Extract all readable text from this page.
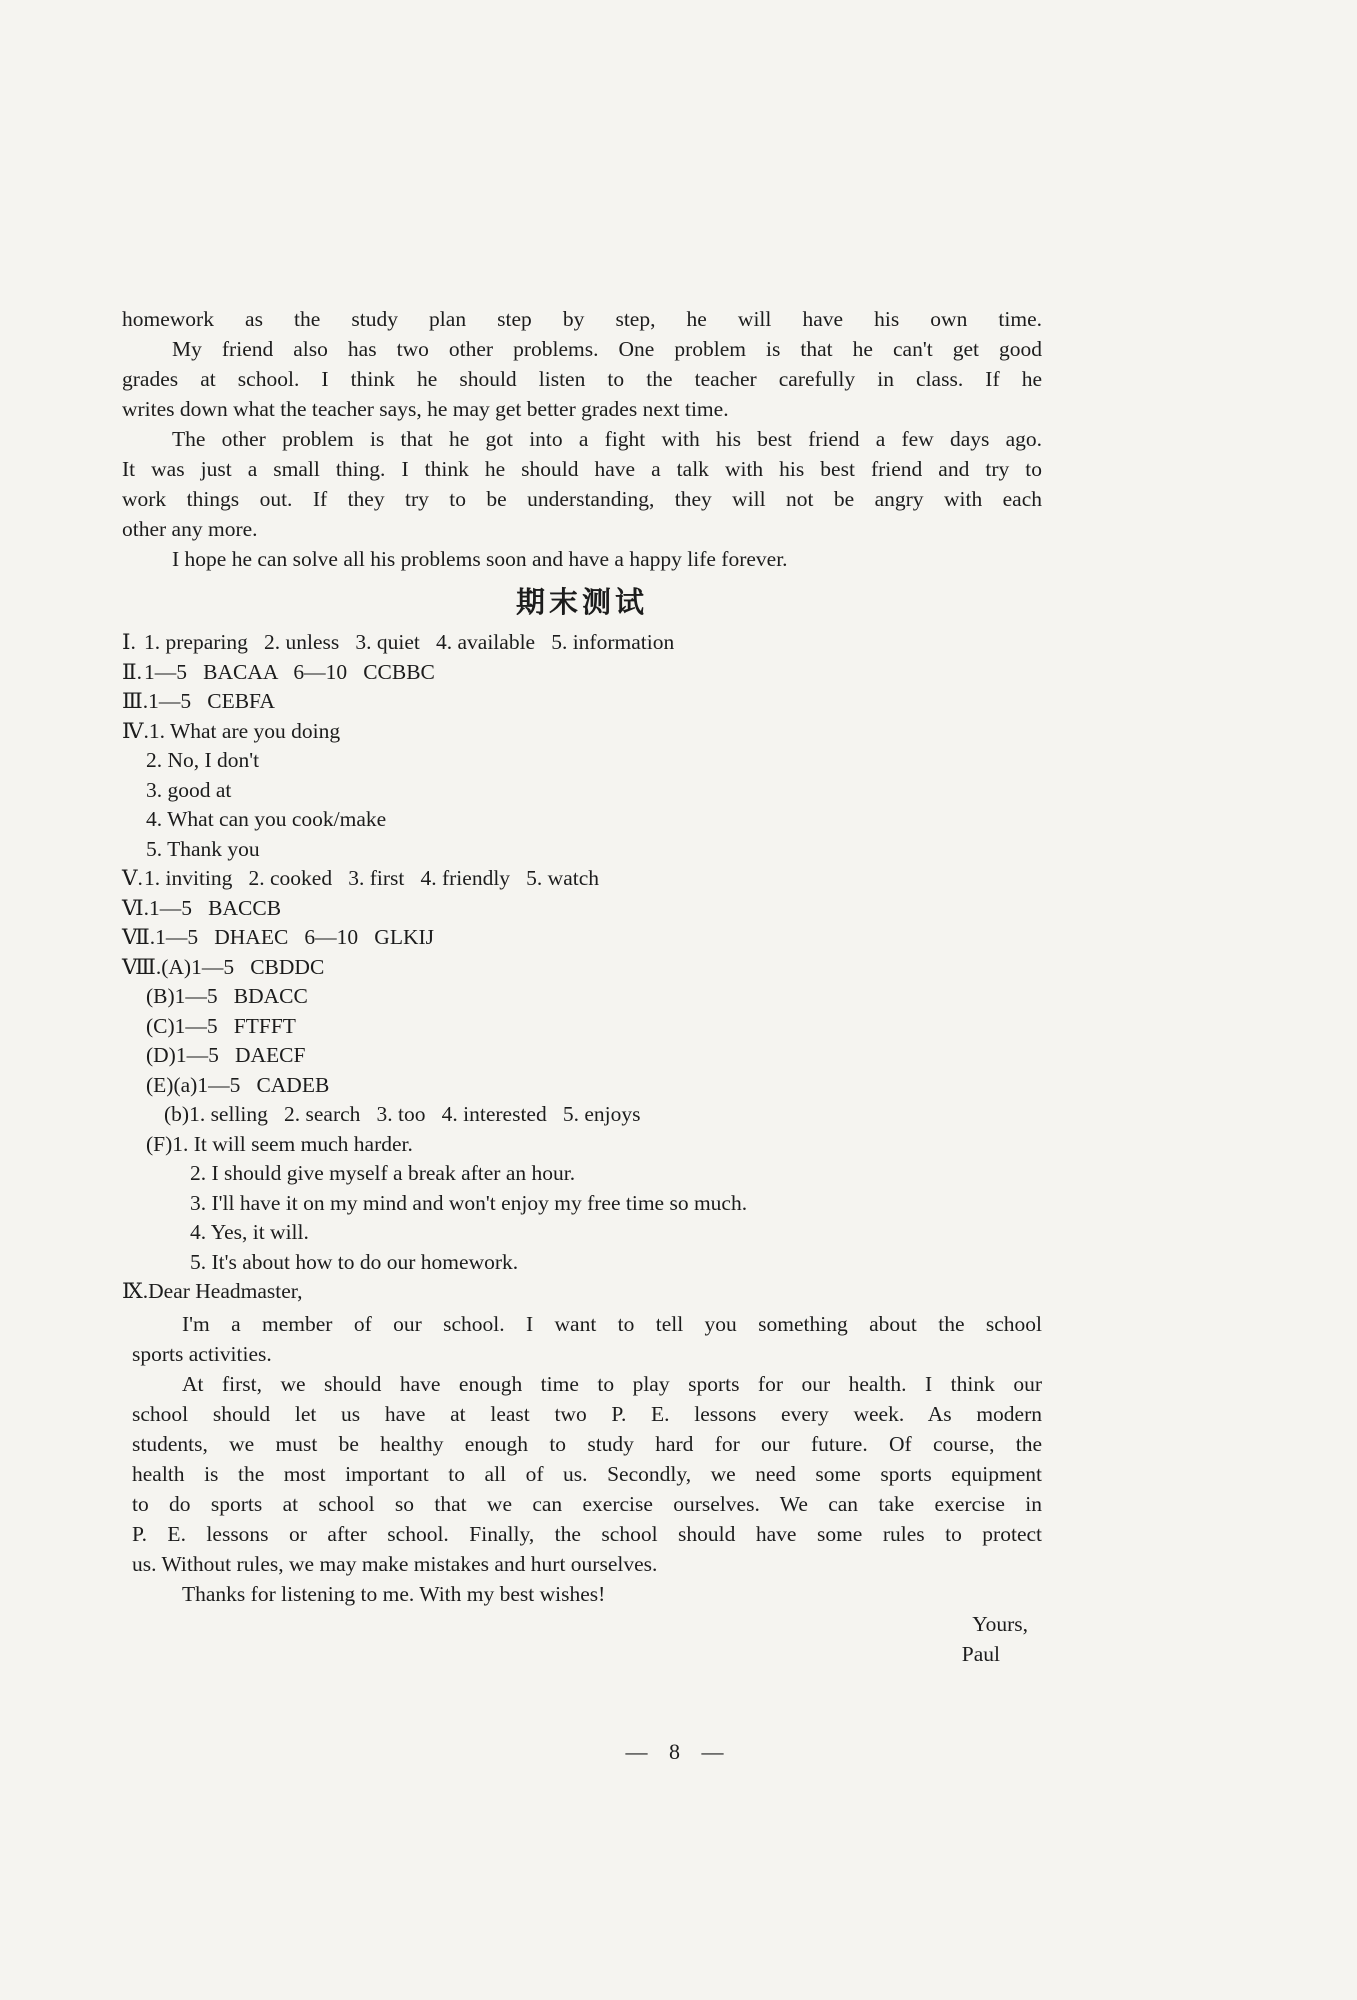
homework as the study plan step by step, he will have his own time.
My friend also has two other problems. One problem is that he can't get good
grades at school. I think he should listen to the teacher carefully in class. If he
writes down what the teacher says, he may get better grades next time.
The other problem is that he got into a fight with his best friend a few days ago.
It was just a small thing. I think he should have a talk with his best friend and try to
work things out. If they try to be understanding, they will not be angry with each
other any more.
I hope he can solve all his problems soon and have a happy life forever.
期末测试
Ⅰ. 1. preparing   2. unless   3. quiet   4. available   5. information
Ⅱ.1—5   BACAA   6—10   CCBBC
Ⅲ.1—5   CEBFA
Ⅳ.1. What are you doing
2. No, I don't
3. good at
4. What can you cook/make
5. Thank you
Ⅴ.1. inviting   2. cooked   3. first   4. friendly   5. watch
Ⅵ.1—5   BACCB
Ⅶ.1—5   DHAEC   6—10   GLKIJ
Ⅷ.(A)1—5   CBDDC
(B)1—5   BDACC
(C)1—5   FTFFT
(D)1—5   DAECF
(E)(a)1—5   CADEB
(b)1. selling   2. search   3. too   4. interested   5. enjoys
(F)1. It will seem much harder.
2. I should give myself a break after an hour.
3. I'll have it on my mind and won't enjoy my free time so much.
4. Yes, it will.
5. It's about how to do our homework.
Ⅸ.Dear Headmaster,
I'm a member of our school. I want to tell you something about the school
sports activities.
At first, we should have enough time to play sports for our health. I think our
school should let us have at least two P. E. lessons every week. As modern
students, we must be healthy enough to study hard for our future. Of course, the
health is the most important to all of us. Secondly, we need some sports equipment
to do sports at school so that we can exercise ourselves. We can take exercise in
P. E. lessons or after school. Finally, the school should have some rules to protect
us. Without rules, we may make mistakes and hurt ourselves.
Thanks for listening to me. With my best wishes!
Yours,
Paul
— 8 —
